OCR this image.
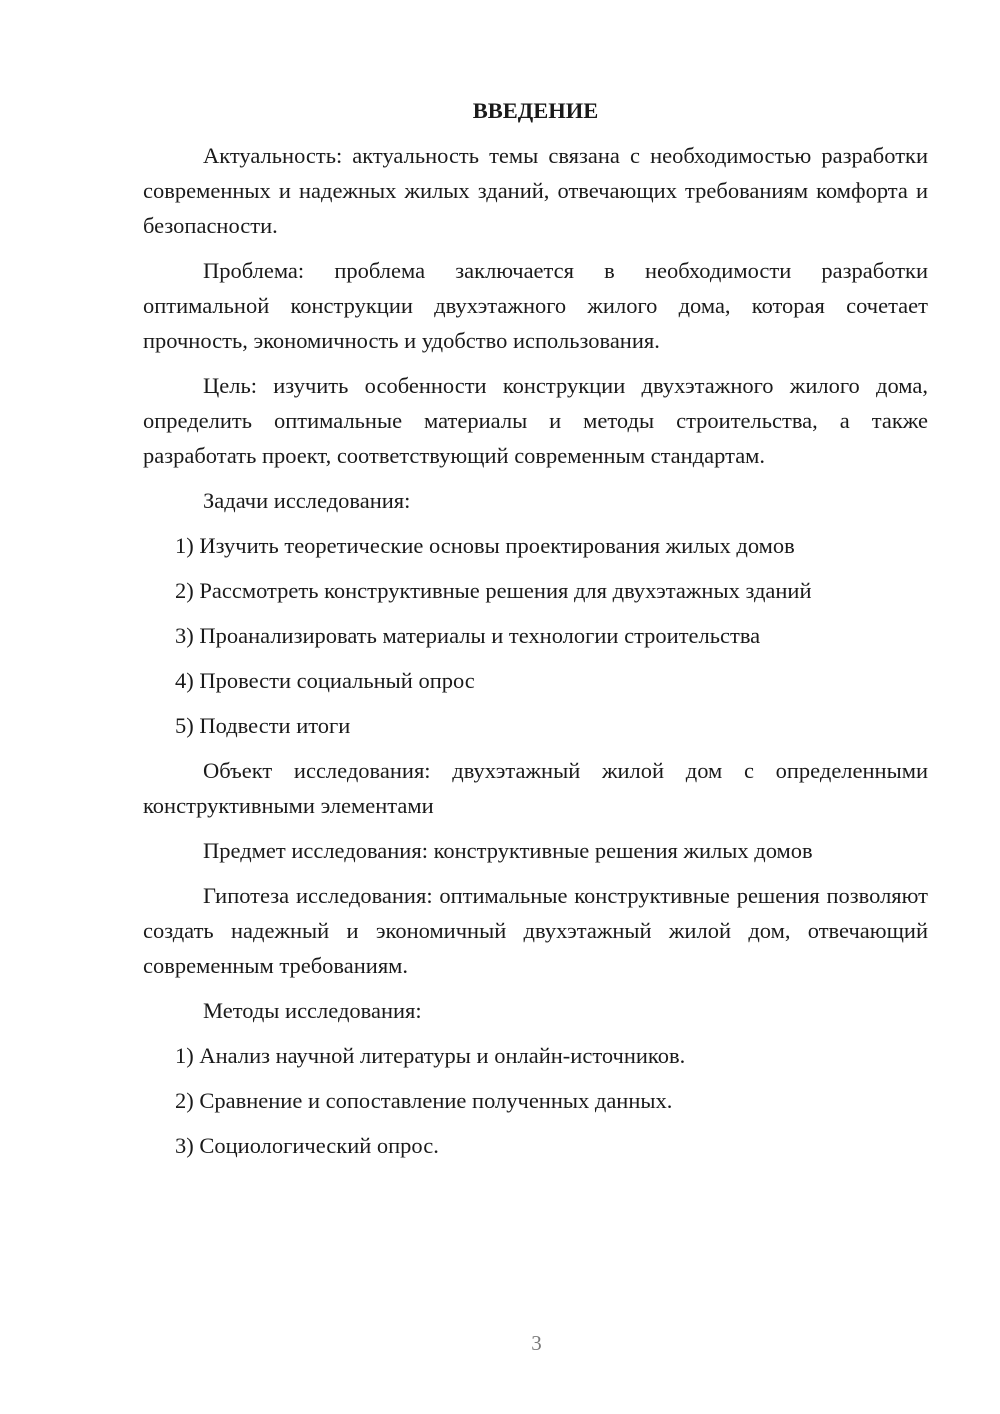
ВВЕДЕНИЕ
Актуальность: актуальность темы связана с необходимостью разработки современных и надежных жилых зданий, отвечающих требованиям комфорта и безопасности.
Проблема: проблема заключается в необходимости разработки оптимальной конструкции двухэтажного жилого дома, которая сочетает прочность, экономичность и удобство использования.
Цель: изучить особенности конструкции двухэтажного жилого дома, определить оптимальные материалы и методы строительства, а также разработать проект, соответствующий современным стандартам.
Задачи исследования:
1) Изучить теоретические основы проектирования жилых домов
2) Рассмотреть конструктивные решения для двухэтажных зданий
3) Проанализировать материалы и технологии строительства
4) Провести социальный опрос
5) Подвести итоги
Объект исследования: двухэтажный жилой дом с определенными конструктивными элементами
Предмет исследования: конструктивные решения жилых домов
Гипотеза исследования: оптимальные конструктивные решения позволяют создать надежный и экономичный двухэтажный жилой дом, отвечающий современным требованиям.
Методы исследования:
1) Анализ научной литературы и онлайн-источников.
2) Сравнение и сопоставление полученных данных.
3) Социологический опрос.
3
